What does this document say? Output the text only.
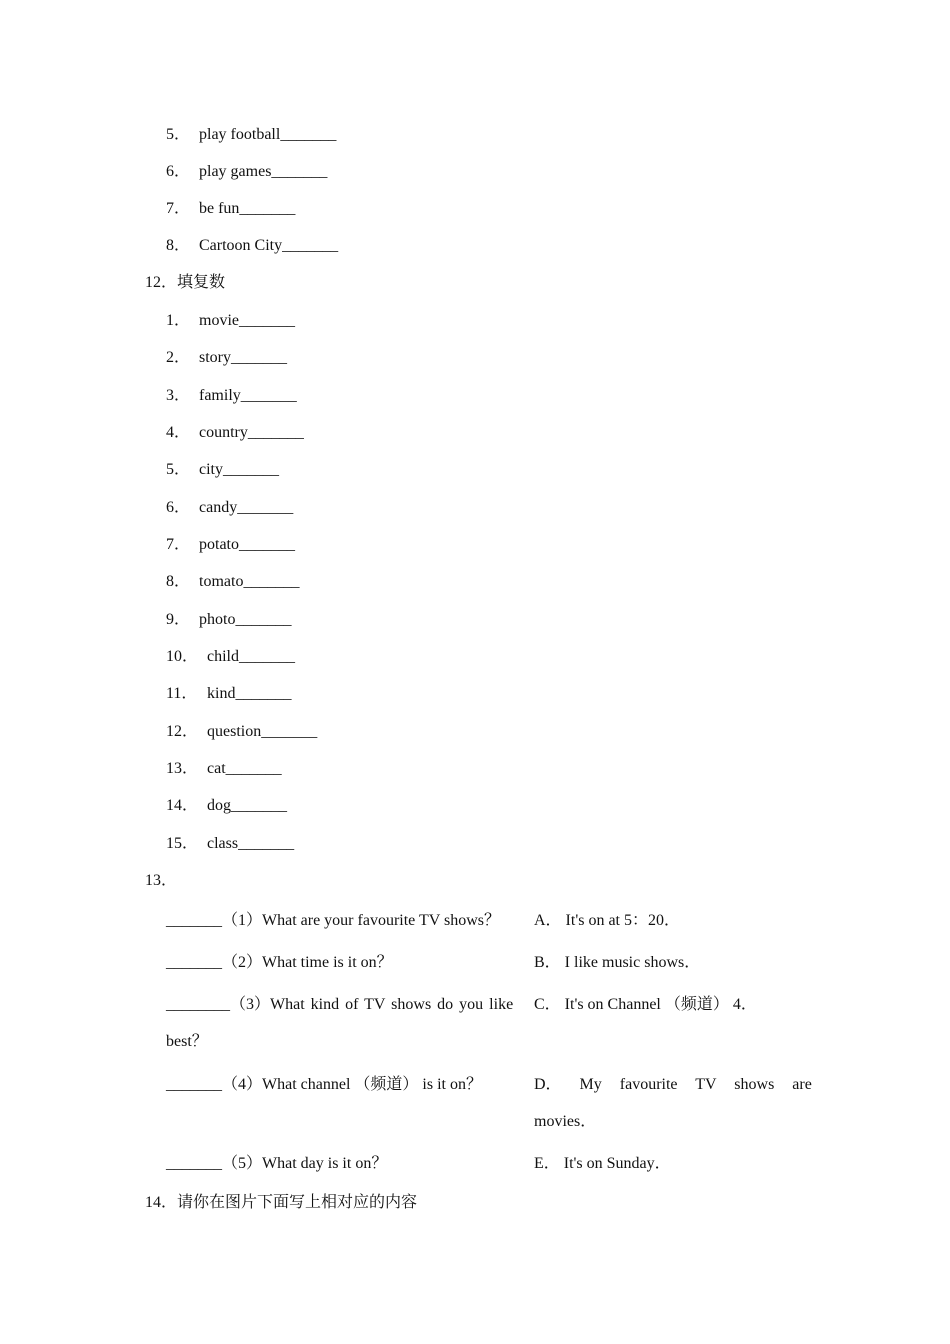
5． play football_______
6． play games_______
7． be fun_______
8． Cartoon City_______
12．填复数
1． movie_______
2． story_______
3． family_______
4． country_______
5． city_______
6． candy_______
7． potato_______
8． tomato_______
9． photo_______
10． child_______
11． kind_______
12． question_______
13． cat_______
14． dog_______
15． class_______
13．
_______（1）What are your favourite TV shows？ A． It's on at 5：20．
_______（2）What time is it on？	B． I like music shows．
________（3）What kind of TV shows do you like C． It's on Channel （频道） 4．
best？
_______（4）What channel （频道） is it on？	D． My favourite TV shows are
movies．
_______（5）What day is it on？	E． It's on Sunday．
14．请你在图片下面写上相对应的内容
